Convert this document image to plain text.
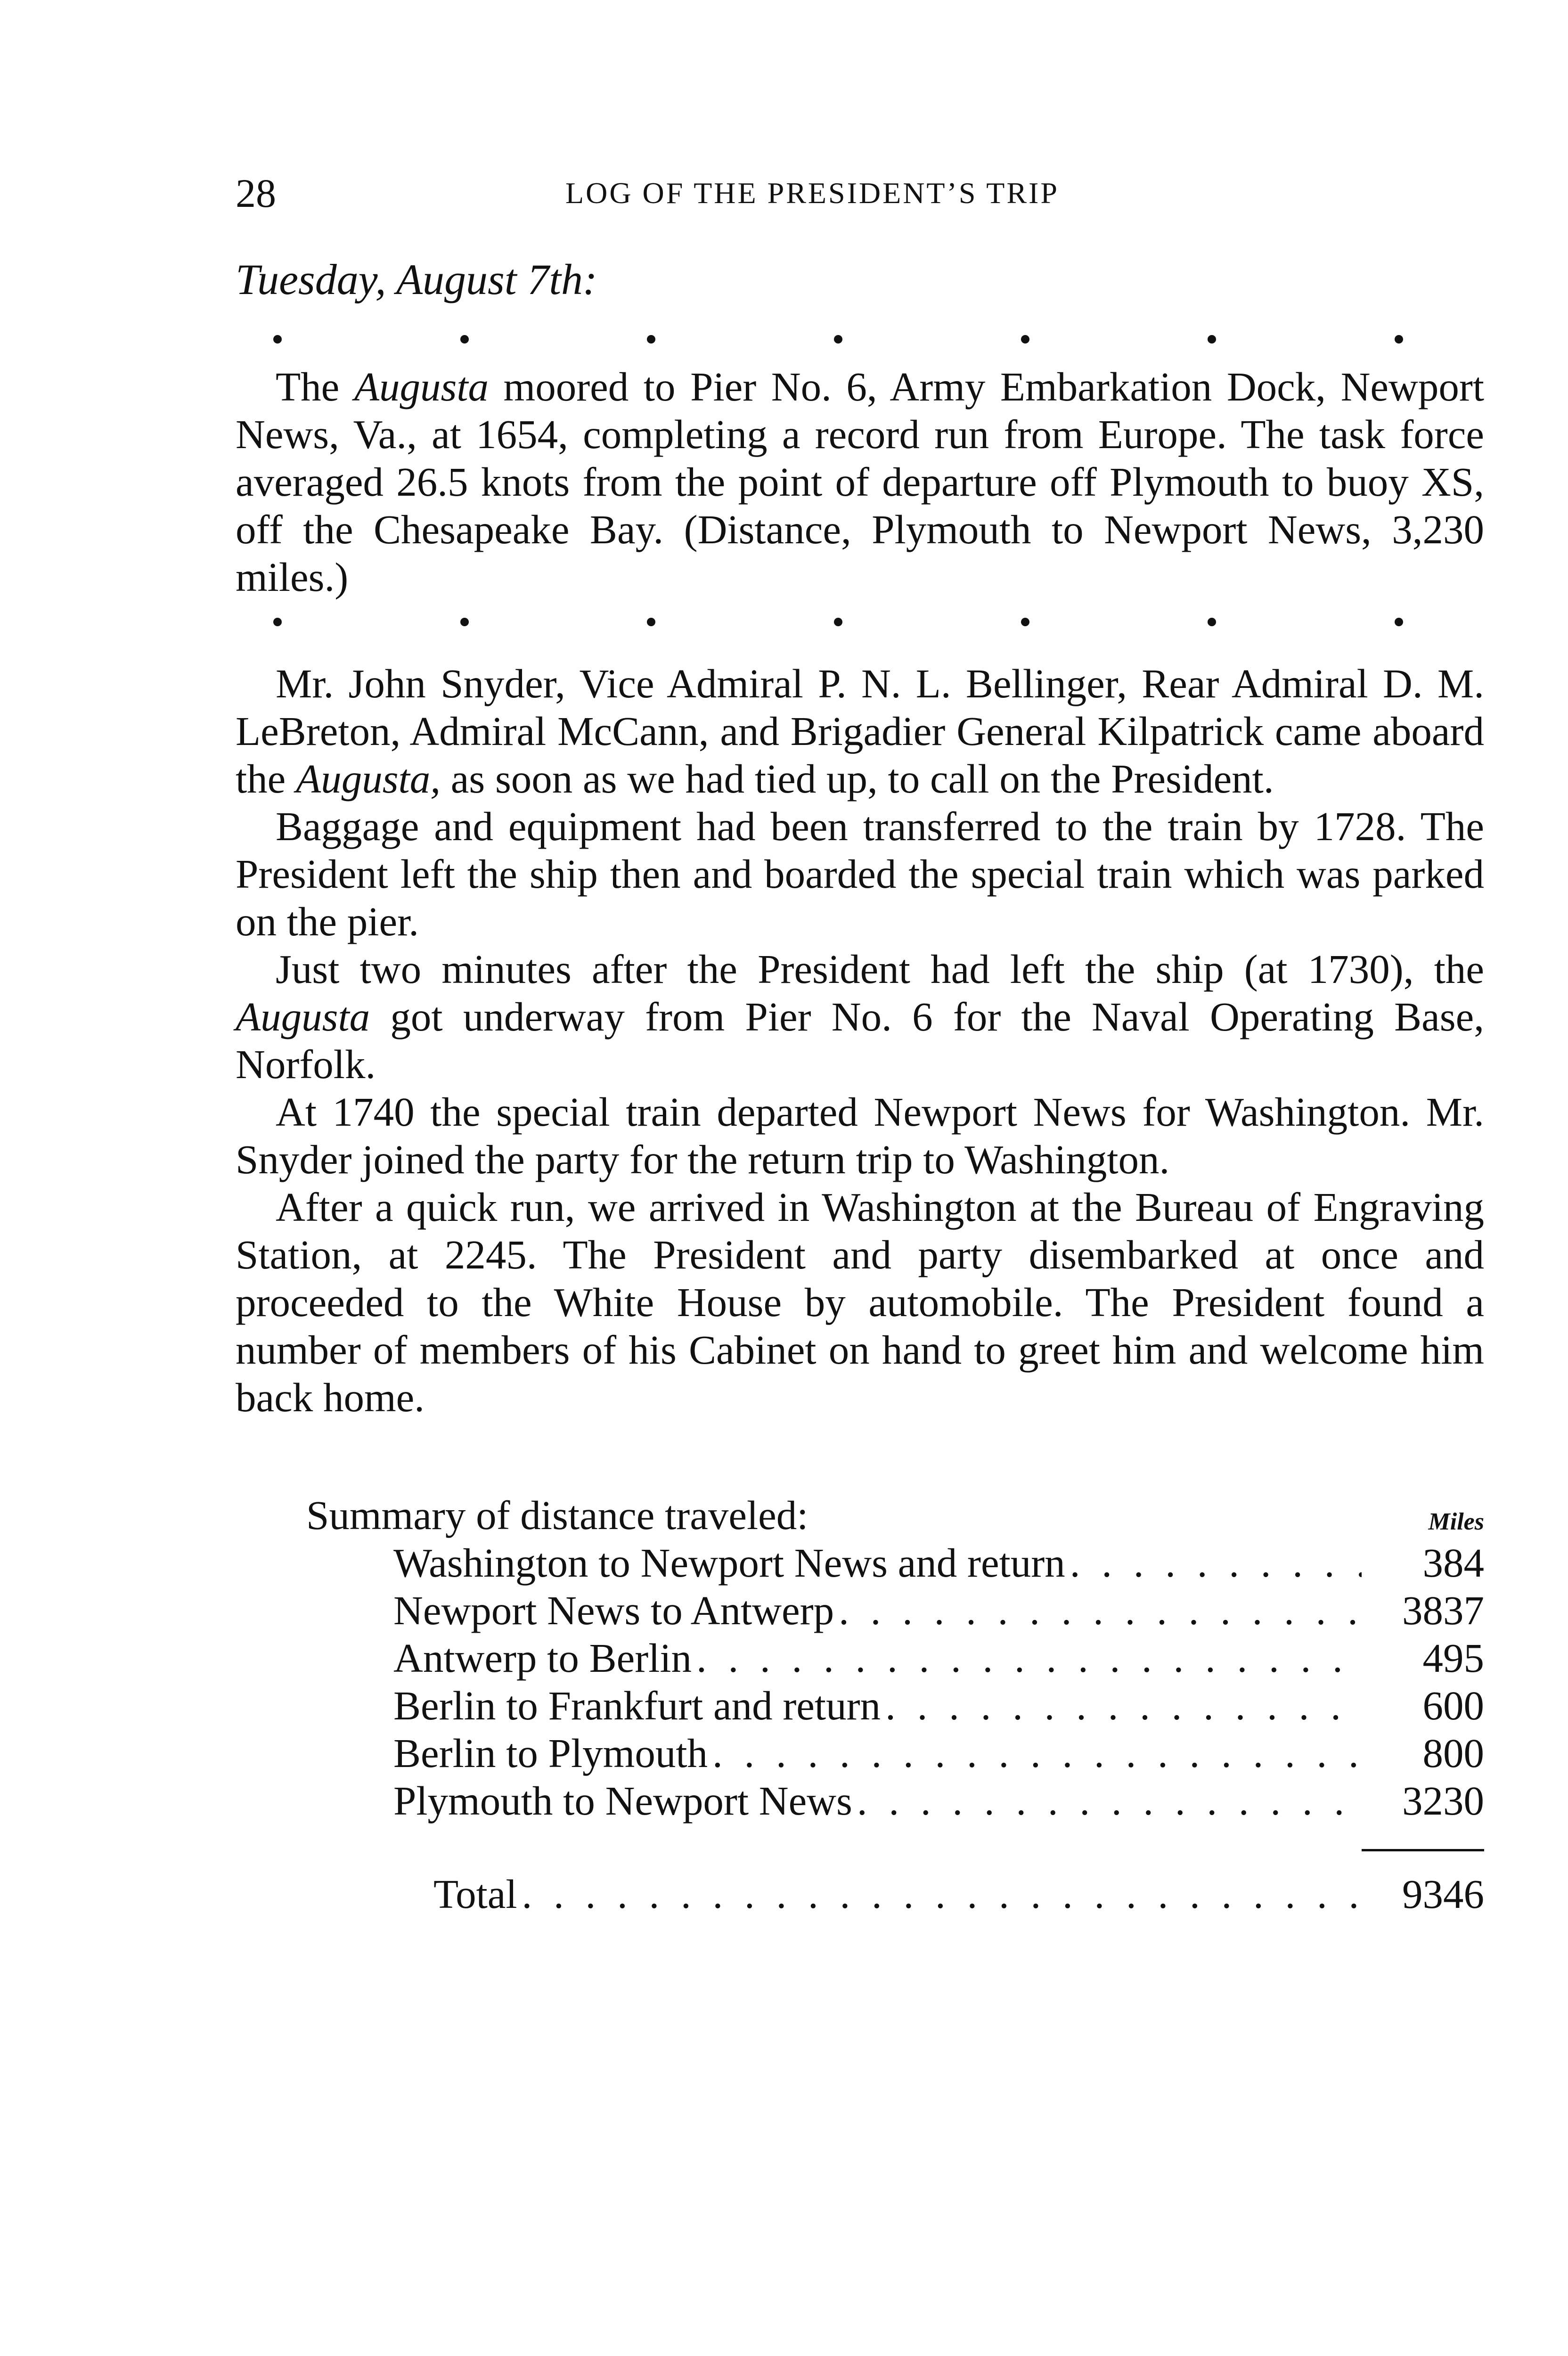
28	LOG OF THE PRESIDENT’S TRIP
Tuesday, August 7th:

The Augusta moored to Pier No. 6, Army Embarkation Dock, Newport News, Va., at 1654, completing a record run from Europe. The task force averaged 26.5 knots from the point of departure off Plymouth to buoy XS, off the Chesapeake Bay. (Distance, Plymouth to Newport News, 3,230 miles.)

Mr. John Snyder, Vice Admiral P. N. L. Bellinger, Rear Admiral D. M. LeBreton, Admiral McCann, and Brigadier General Kilpatrick came aboard the Augusta, as soon as we had tied up, to call on the President.

Baggage and equipment had been transferred to the train by 1728. The President left the ship then and boarded the special train which was parked on the pier.

Just two minutes after the President had left the ship (at 1730), the Augusta got underway from Pier No. 6 for the Naval Operating Base, Norfolk.

At 1740 the special train departed Newport News for Washington. Mr. Snyder joined the party for the return trip to Washington.

After a quick run, we arrived in Washington at the Bureau of Engraving Station, at 2245. The President and party disembarked at once and proceeded to the White House by automobile. The President found a number of members of his Cabinet on hand to greet him and welcome him back home.

Summary of distance traveled:	Miles
Washington to Newport News and return . . .	384
Newport News to Antwerp . . .	3837
Antwerp to Berlin . . .	495
Berlin to Frankfurt and return . . .	600
Berlin to Plymouth . . .	800
Plymouth to Newport News . . .	3230
Total . . .	9346
